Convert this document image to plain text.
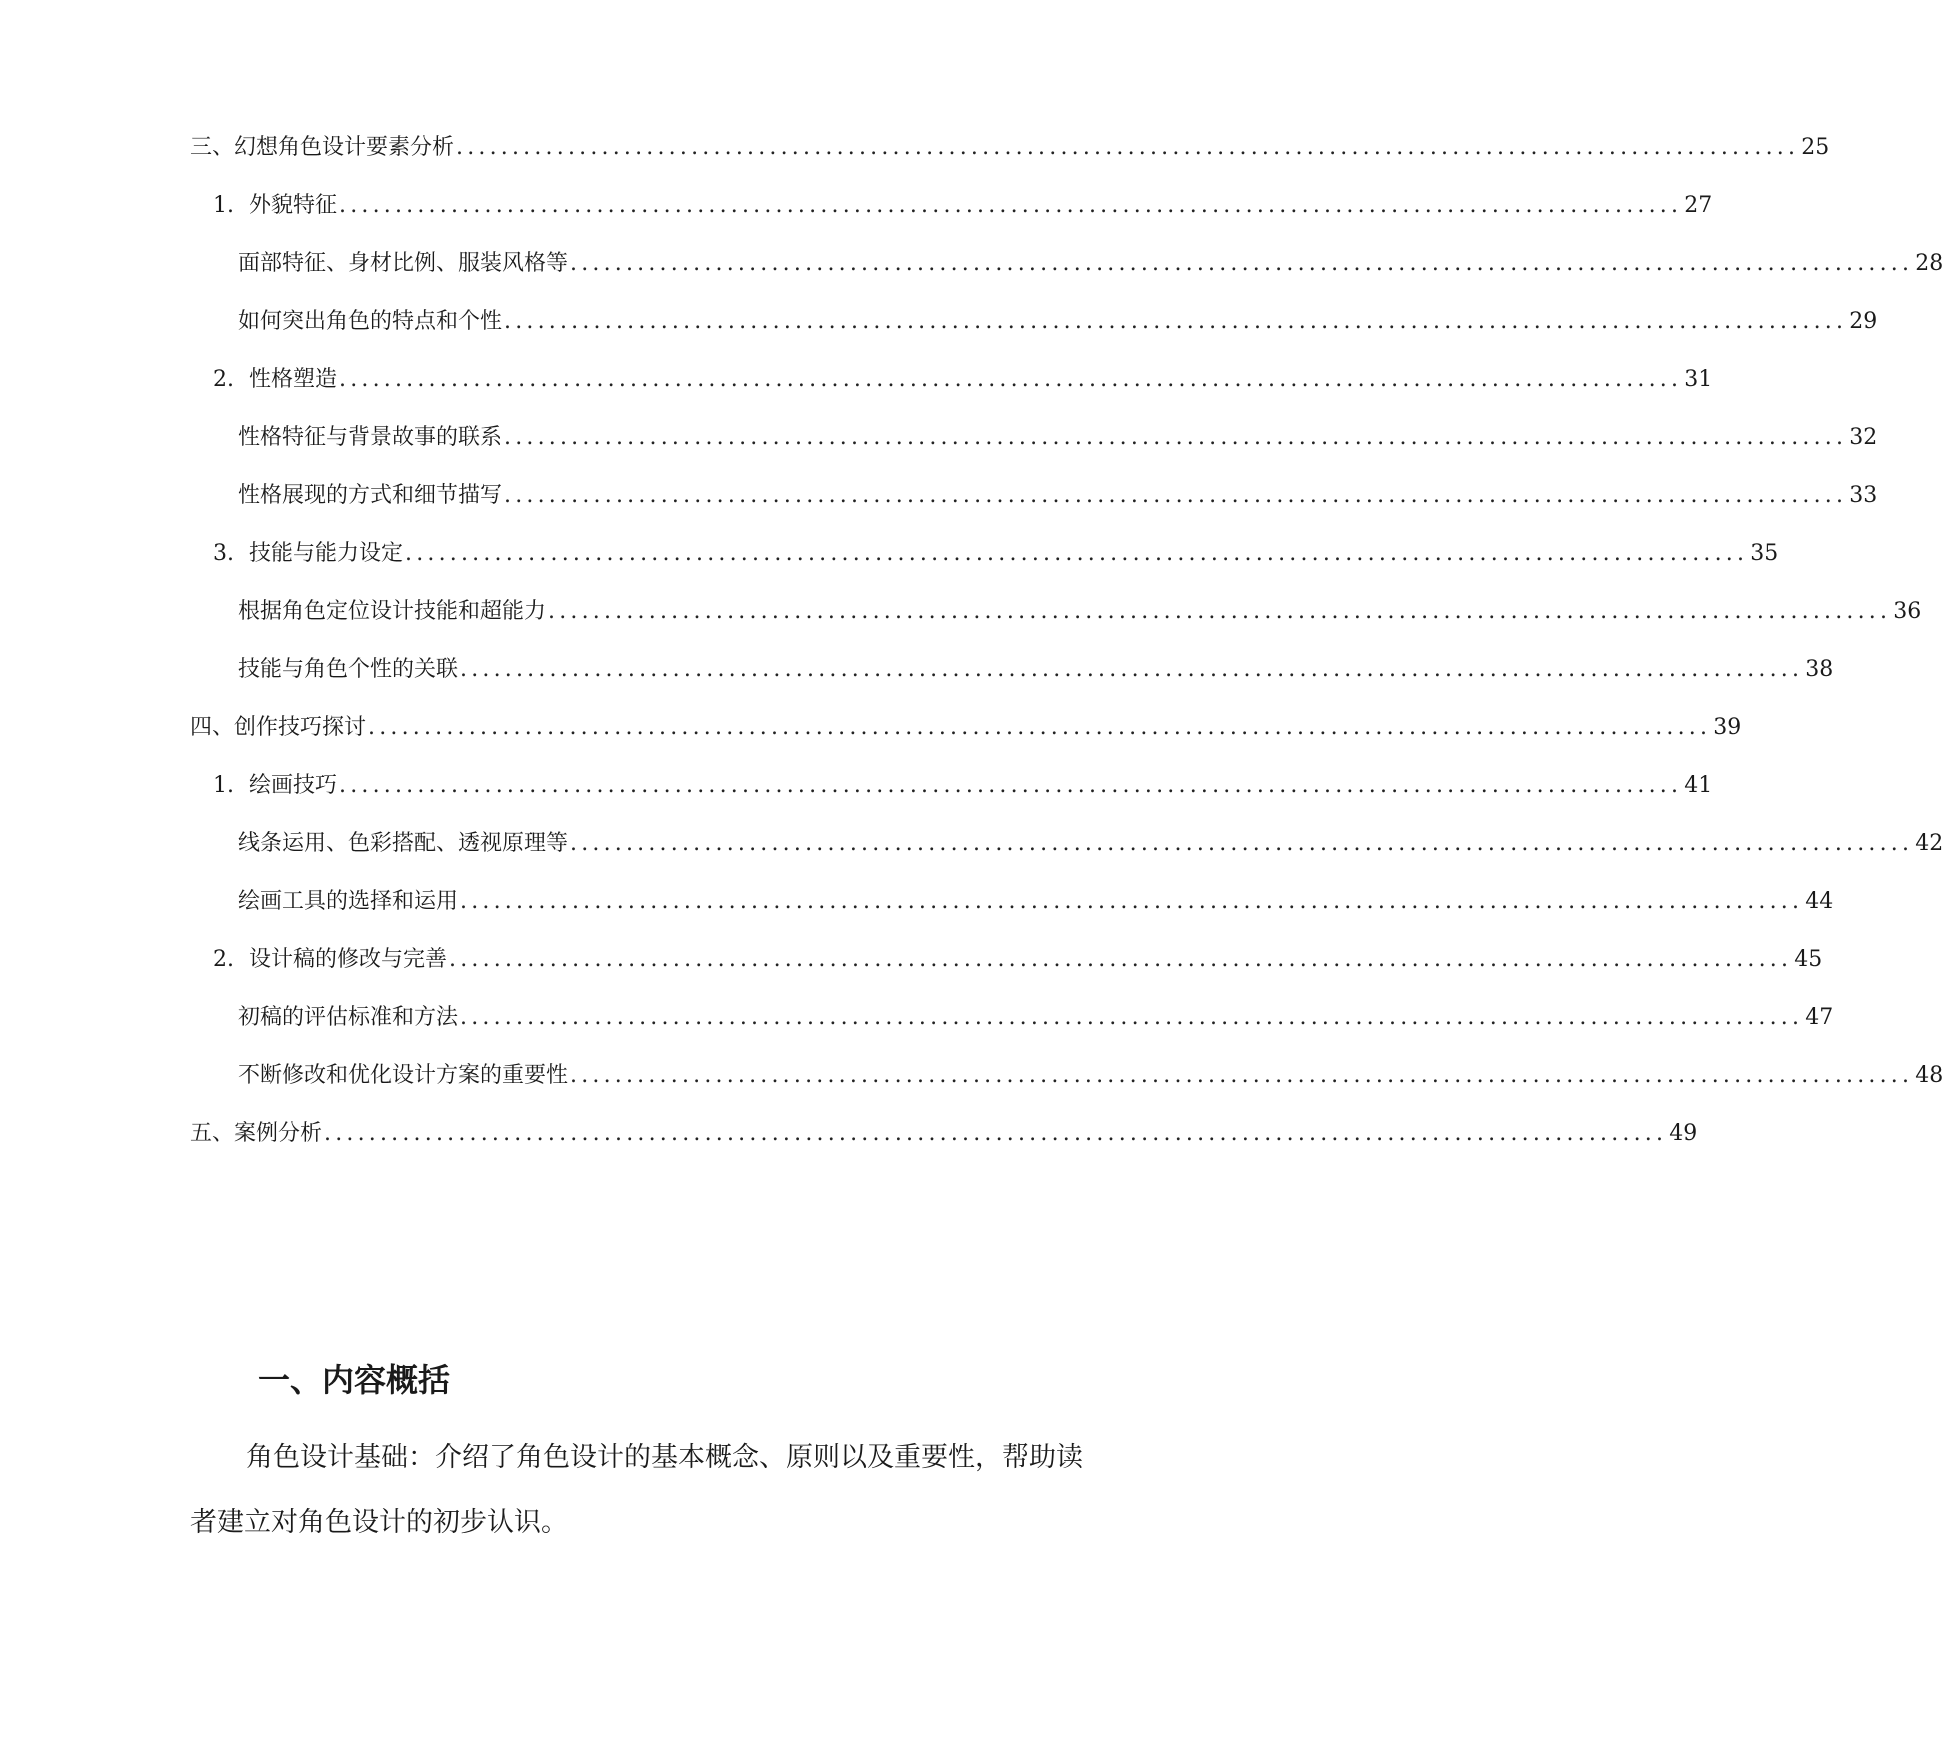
三、幻想角色设计要素分析 ........................................................................................................................ 25
1. 外貌特征 ........................................................................................................................ 27
面部特征、身材比例、服装风格等 ........................................................................................................................ 28
如何突出角色的特点和个性 ........................................................................................................................ 29
2. 性格塑造 ........................................................................................................................ 31
性格特征与背景故事的联系 ........................................................................................................................ 32
性格展现的方式和细节描写 ........................................................................................................................ 33
3. 技能与能力设定 ........................................................................................................................ 35
根据角色定位设计技能和超能力 ........................................................................................................................ 36
技能与角色个性的关联 ........................................................................................................................ 38
四、创作技巧探讨 ........................................................................................................................ 39
1. 绘画技巧 ........................................................................................................................ 41
线条运用、色彩搭配、透视原理等 ........................................................................................................................ 42
绘画工具的选择和运用 ........................................................................................................................ 44
2. 设计稿的修改与完善 ........................................................................................................................ 45
初稿的评估标准和方法 ........................................................................................................................ 47
不断修改和优化设计方案的重要性 ........................................................................................................................ 48
五、案例分析 ........................................................................................................................ 49
一、内容概括
角色设计基础：介绍了角色设计的基本概念、原则以及重要性，帮助读者建立对角色设计的初步认识。
